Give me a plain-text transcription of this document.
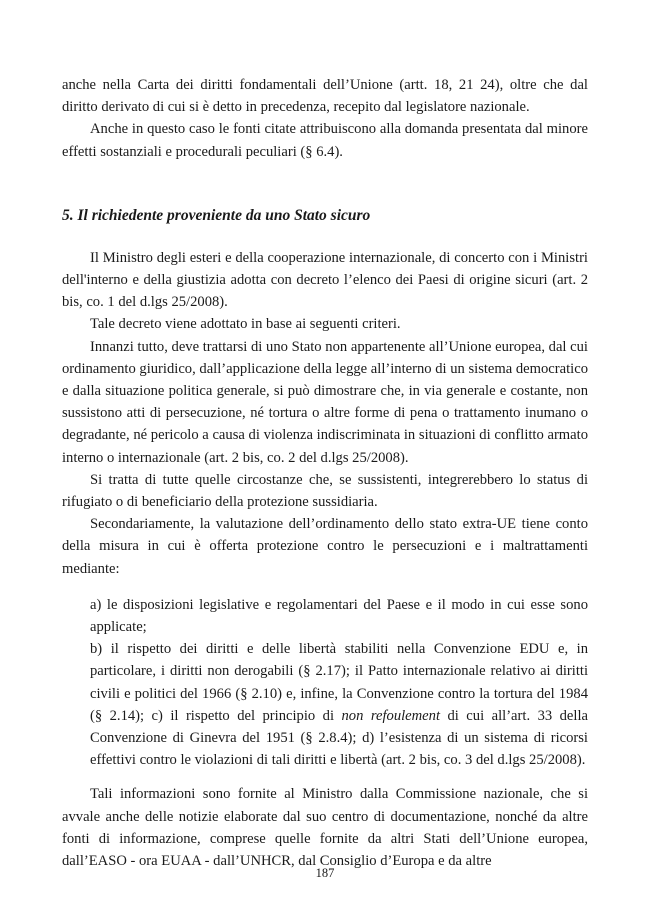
anche nella Carta dei diritti fondamentali dell’Unione (artt. 18, 21 24), oltre che dal diritto derivato di cui si è detto in precedenza, recepito dal legislatore nazionale.

Anche in questo caso le fonti citate attribuiscono alla domanda presentata dal minore effetti sostanziali e procedurali peculiari (§ 6.4).

5. Il richiedente proveniente da uno Stato sicuro

Il Ministro degli esteri e della cooperazione internazionale, di concerto con i Ministri dell'interno e della giustizia adotta con decreto l’elenco dei Paesi di origine sicuri (art. 2 bis, co. 1 del d.lgs 25/2008).

Tale decreto viene adottato in base ai seguenti criteri.

Innanzi tutto, deve trattarsi di uno Stato non appartenente all’Unione europea, dal cui ordinamento giuridico, dall’applicazione della legge all’interno di un sistema democratico e dalla situazione politica generale, si può dimostrare che, in via generale e costante, non sussistono atti di persecuzione, né tortura o altre forme di pena o trattamento inumano o degradante, né pericolo a causa di violenza indiscriminata in situazioni di conflitto armato interno o internazionale (art. 2 bis, co. 2 del d.lgs 25/2008).

Si tratta di tutte quelle circostanze che, se sussistenti, integrerebbero lo status di rifugiato o di beneficiario della protezione sussidiaria.

Secondariamente, la valutazione dell’ordinamento dello stato extra-UE tiene conto della misura in cui è offerta protezione contro le persecuzioni e i maltrattamenti mediante:

a) le disposizioni legislative e regolamentari del Paese e il modo in cui esse sono applicate;

b) il rispetto dei diritti e delle libertà stabiliti nella Convenzione EDU e, in particolare, i diritti non derogabili (§ 2.17); il Patto internazionale relativo ai diritti civili e politici del 1966 (§ 2.10) e, infine, la Convenzione contro la tortura del 1984 (§ 2.14); c) il rispetto del principio di non refoulement di cui all’art. 33 della Convenzione di Ginevra del 1951 (§ 2.8.4); d) l’esistenza di un sistema di ricorsi effettivi contro le violazioni di tali diritti e libertà (art. 2 bis, co. 3 del d.lgs 25/2008).

Tali informazioni sono fornite al Ministro dalla Commissione nazionale, che si avvale anche delle notizie elaborate dal suo centro di documentazione, nonché da altre fonti di informazione, comprese quelle fornite da altri Stati dell’Unione europea, dall’EASO - ora EUAA - dall’UNHCR, dal Consiglio d’Europa e da altre

187
